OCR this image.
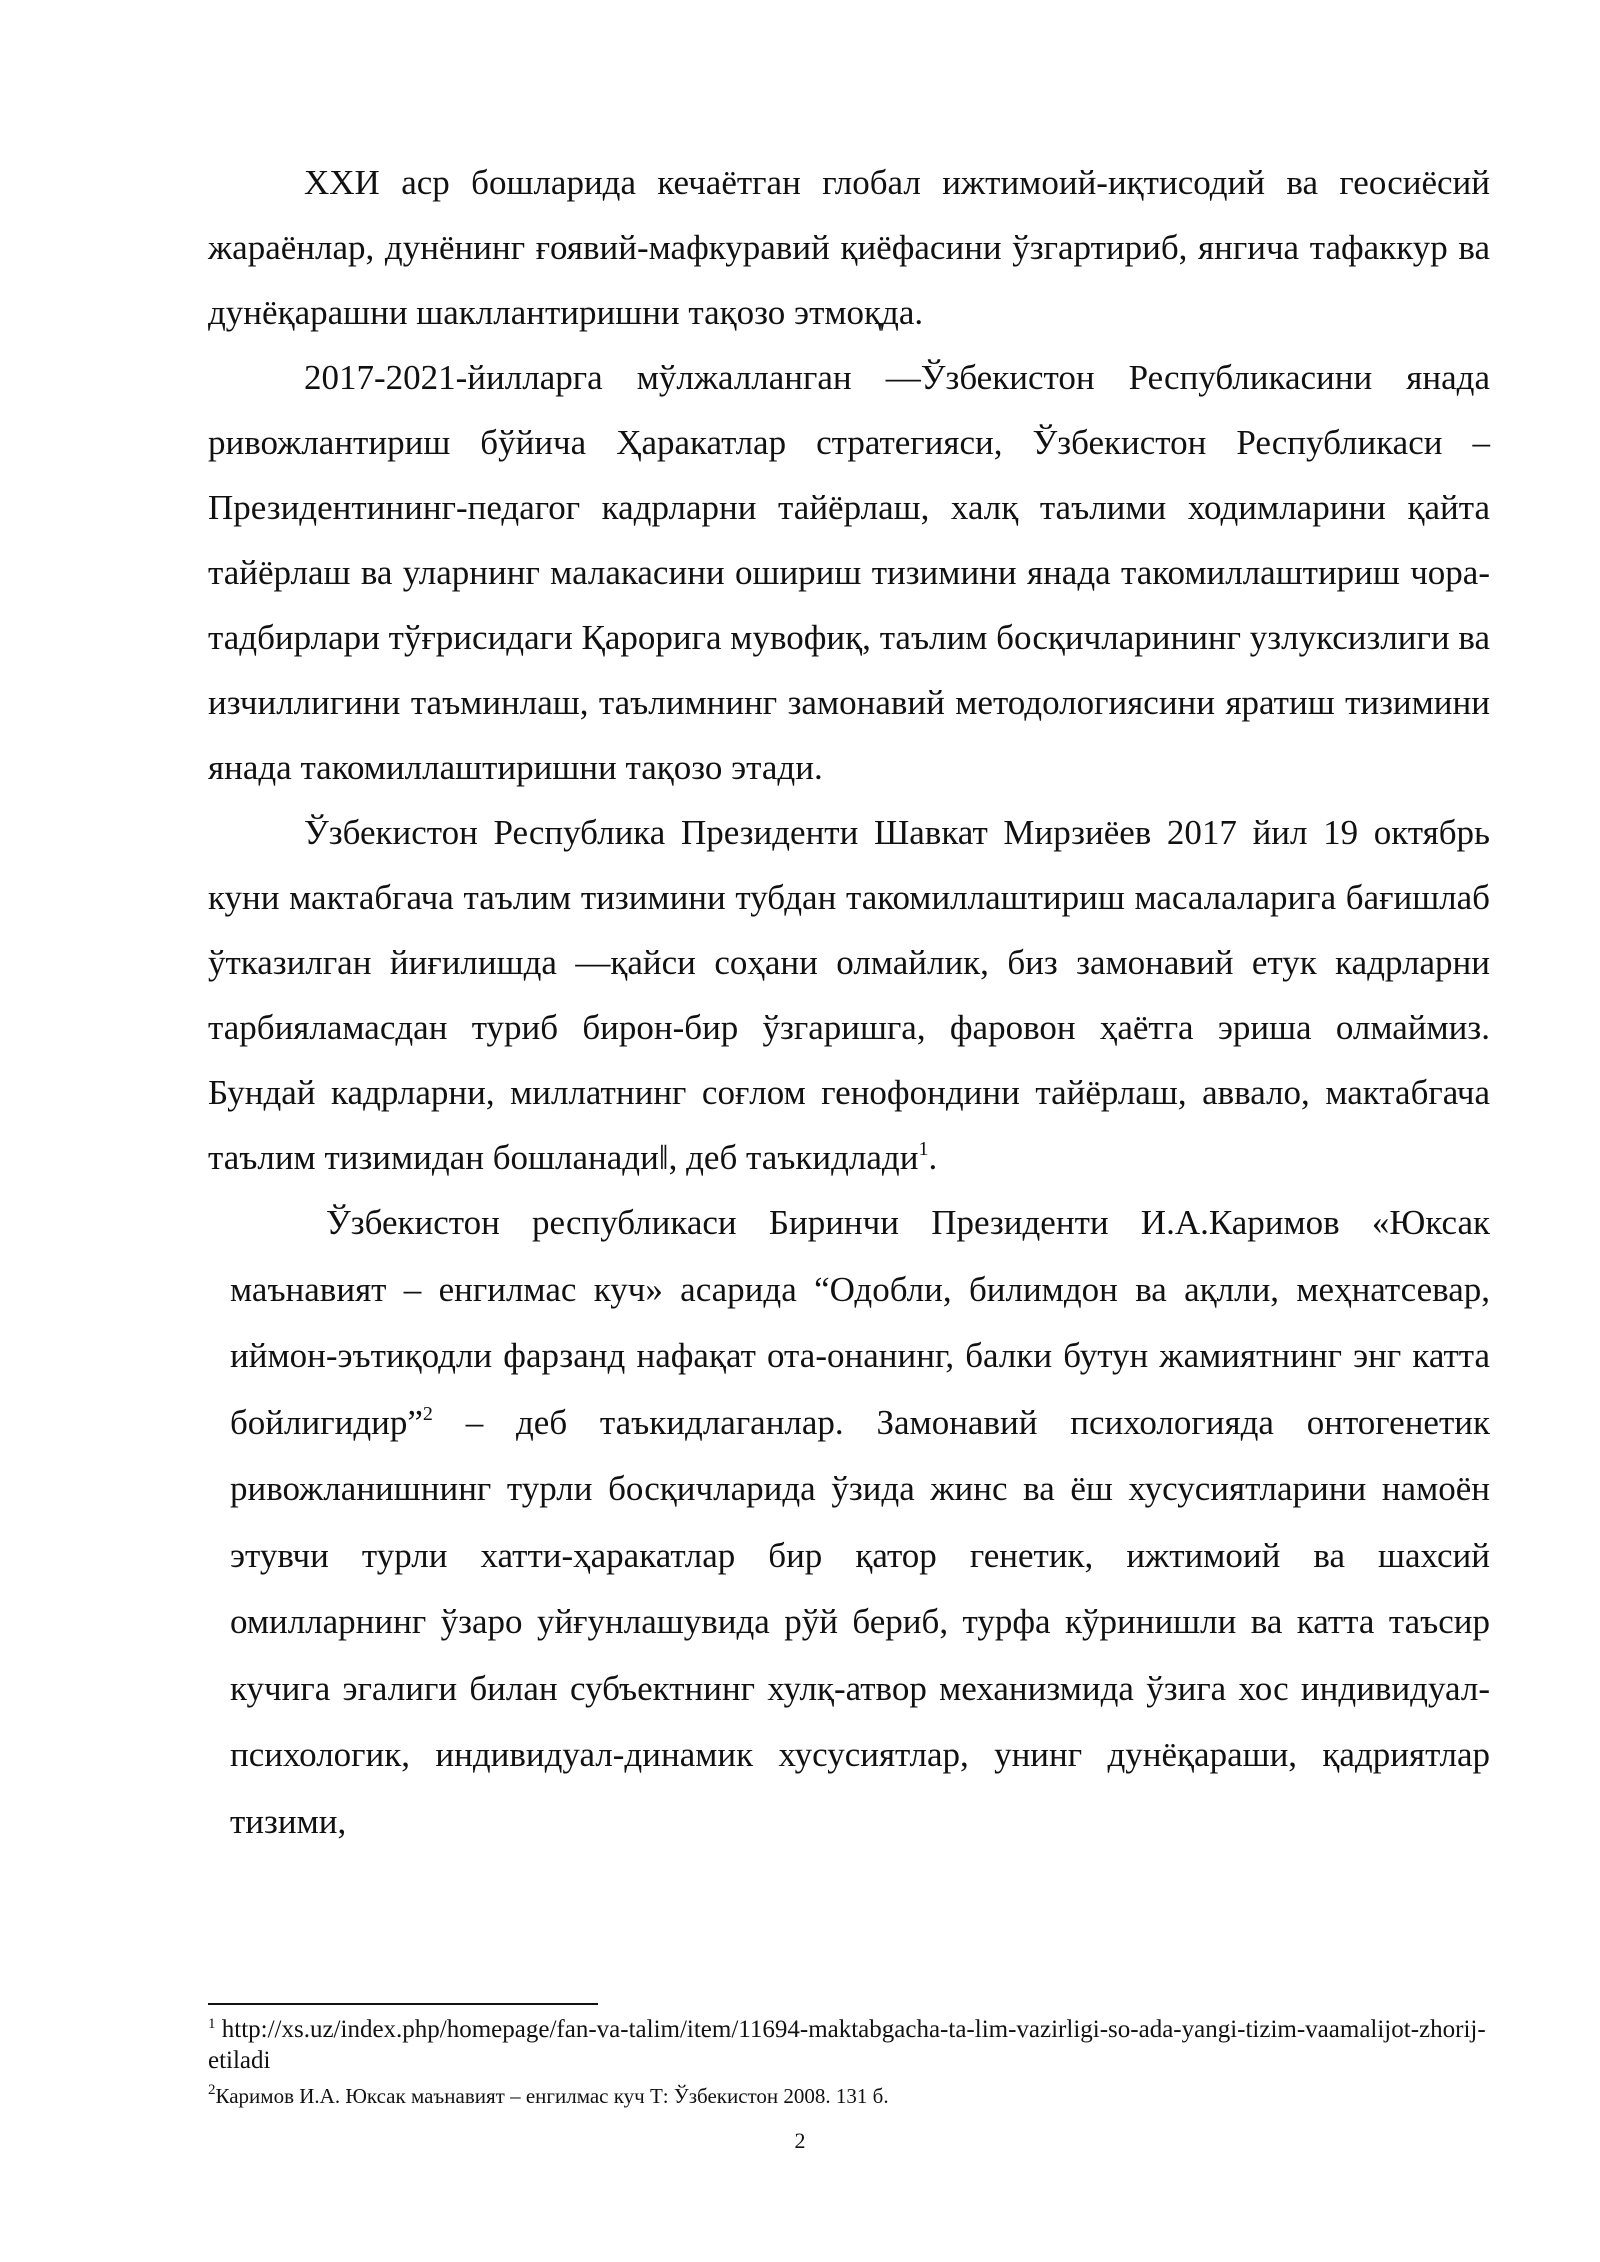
ХХИ аср бошларида кечаётган глобал ижтимоий-иқтисодий ва геосиёсий жараёнлар, дунёнинг ғоявий-мафкуравий қиёфасини ўзгартириб, янгича тафаккур ва дунёқарашни шакллантиришни тақозо этмоқда.

2017-2021-йилларга мўлжалланган ―Ўзбекистон Республикасини янада ривожлантириш бўйича Ҳаракатлар стратегияси, Ўзбекистон Республикаси – Президентининг-педагог кадрларни тайёрлаш, халқ таълими ходимларини қайта тайёрлаш ва уларнинг малакасини ошириш тизимини янада такомиллаштириш чора-тадбирлари тўғрисидаги Қарорига мувофиқ, таълим босқичларининг узлуксизлиги ва изчиллигини таъминлаш, таълимнинг замонавий методологиясини яратиш тизимини янада такомиллаштиришни тақозо этади.

Ўзбекистон Республика Президенти Шавкат Мирзиёев 2017 йил 19 октябрь куни мактабгача таълим тизимини тубдан такомиллаштириш масалаларига бағишлаб ўтказилган йиғилишда ―қайси соҳани олмайлик, биз замонавий етук кадрларни тарбияламасдан туриб бирон-бир ўзгаришга, фаровон ҳаётга эриша олмаймиз. Бундай кадрларни, миллатнинг соғлом генофондини тайёрлаш, аввало, мактабгача таълим тизимидан бошланади‖, деб таъкидлади$^1$.

Ўзбекистон республикаси Биринчи Президенти И.А.Каримов «Юксак маънавият – енгилмас куч» асарида “Одобли, билимдон ва ақлли, меҳнатсевар, иймон-эътиқодли фарзанд нафақат ота-онанинг, балки бутун жамиятнинг энг катта бойлигидир”$^2$ – деб таъкидлаганлар. Замонавий психологияда онтогенетик ривожланишнинг турли босқичларида ўзида жинс ва ёш хусусиятларини намоён этувчи турли хатти-ҳаракатлар бир қатор генетик, ижтимоий ва шахсий омилларнинг ўзаро уйғунлашувида рўй бериб, турфа кўринишли ва катта таъсир кучига эгалиги билан субъектнинг хулқ-атвор механизмида ўзига хос индивидуал-психологик, индивидуал-динамик хусусиятлар, унинг дунёқараши, қадриятлар тизими,

$^1$ http://xs.uz/index.php/homepage/fan-va-talim/item/11694-maktabgacha-ta-lim-vazirligi-so-ada-yangi-tizim-vaamalijot-zhorij-etiladi

$^2$Каримов И.А. Юксак маънавият – енгилмас куч Т: Ўзбекистон 2008. 131 б.

2
